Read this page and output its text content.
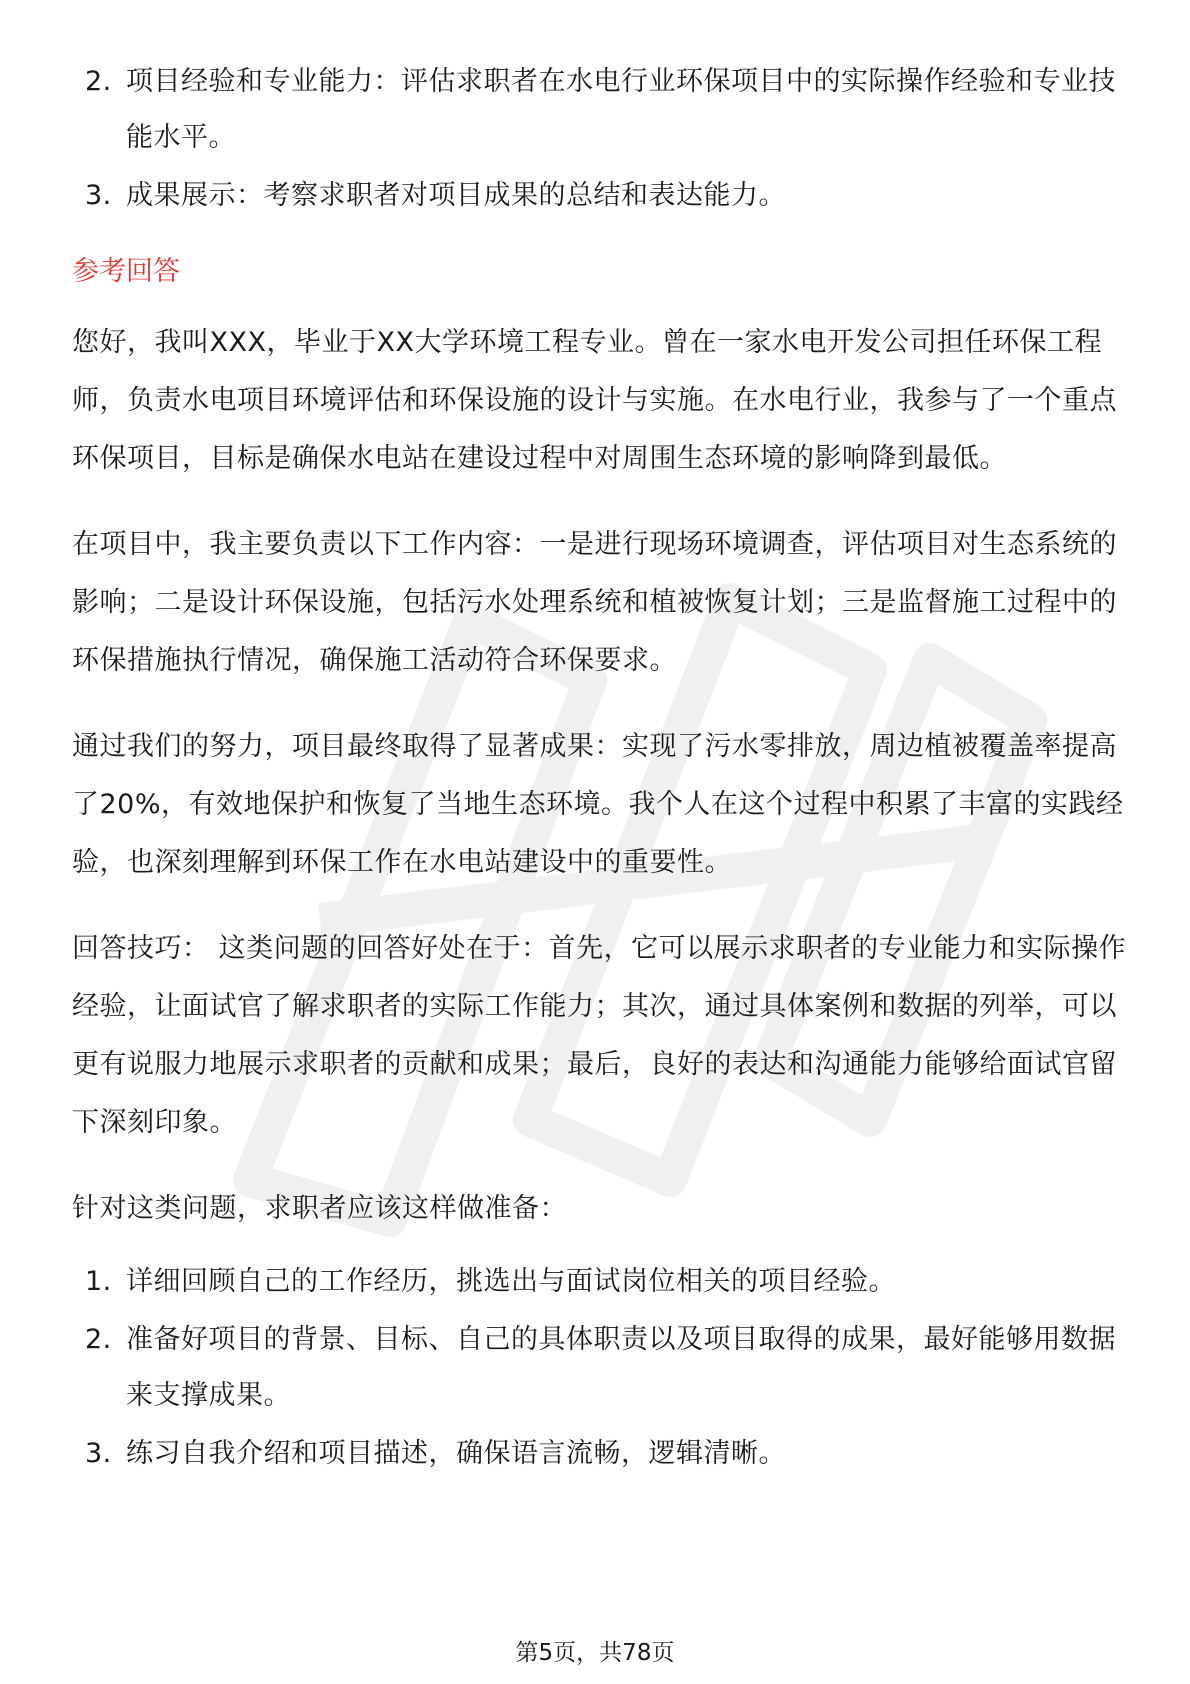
2. 项目经验和专业能力：评估求职者在水电行业环保项目中的实际操作经验和专业技能水平。
3. 成果展示：考察求职者对项目成果的总结和表达能力。
参考回答

您好，我叫XXX，毕业于XX大学环境工程专业。曾在一家水电开发公司担任环保工程师，负责水电项目环境评估和环保设施的设计与实施。在水电行业，我参与了一个重点环保项目，目标是确保水电站在建设过程中对周围生态环境的影响降到最低。

在项目中，我主要负责以下工作内容：一是进行现场环境调查，评估项目对生态系统的影响；二是设计环保设施，包括污水处理系统和植被恢复计划；三是监督施工过程中的环保措施执行情况，确保施工活动符合环保要求。

通过我们的努力，项目最终取得了显著成果：实现了污水零排放，周边植被覆盖率提高了20%，有效地保护和恢复了当地生态环境。我个人在这个过程中积累了丰富的实践经验，也深刻理解到环保工作在水电站建设中的重要性。

回答技巧： 这类问题的回答好处在于：首先，它可以展示求职者的专业能力和实际操作经验，让面试官了解求职者的实际工作能力；其次，通过具体案例和数据的列举，可以更有说服力地展示求职者的贡献和成果；最后，良好的表达和沟通能力能够给面试官留下深刻印象。

针对这类问题，求职者应该这样做准备：

1. 详细回顾自己的工作经历，挑选出与面试岗位相关的项目经验。
2. 准备好项目的背景、目标、自己的具体职责以及项目取得的成果，最好能够用数据来支撑成果。
3. 练习自我介绍和项目描述，确保语言流畅，逻辑清晰。
第5页，共78页
